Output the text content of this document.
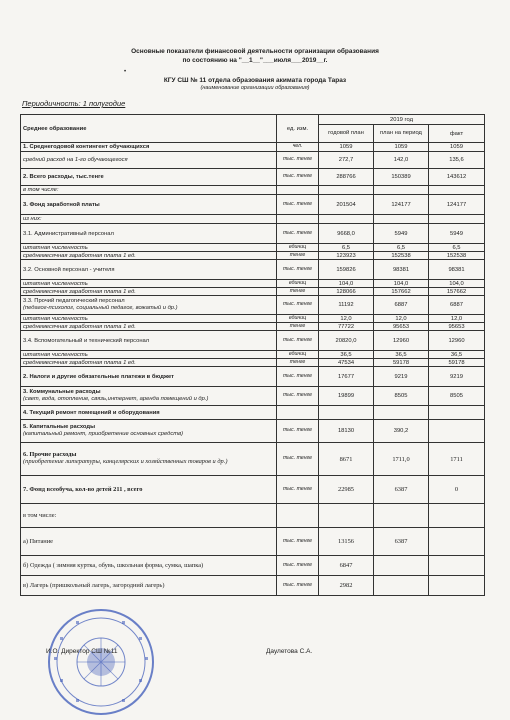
Основные показатели финансовой деятельности организации образования
по состоянию на "__1__"___июля___2019__г.
•
КГУ СШ № 11 отдела образования акимата города Тараз
(наименование организации образования)
Периодичность: 1 полугодие
Среднее образование	ед. изм.	2019 год		
		годовой план	план на период	факт
1. Среднегодовой контингент обучающихся	чел.	1059	1059	1059
средний расход на 1-го обучающегося	тыс. тенге	272,7	142,0	135,6
2. Всего расходы, тыс.тенге	тыс. тенге	288766	150389	143612
в том числе:				
3. Фонд заработной платы	тыс. тенге	201504	124177	124177
из них:				
3.1. Административный персонал	тыс. тенге	9668,0	5949	5949
штатная численность	единиц	6,5	6,5	6,5
среднемесячная заработная плата 1 ед.	тенге	123923	152538	152538
3.2. Основной персонал - учителя	тыс. тенге	159826	98381	98381
штатная численность	единиц	104,0	104,0	104,0
среднемесячная заработная плата 1 ед.	тенге	128066	157662	157662
3.3. Прочий педагогический персонал
(педагог-психолог, социальный педагог, вожатый и др.)	тыс. тенге	11192	6887	6887
штатная численность	единиц	12,0	12,0	12,0
среднемесячная заработная плата 1 ед.	тенге	77722	95653	95653
3.4. Вспомогательный и технический персонал	тыс. тенге	20820,0	12960	12960
штатная численность	единиц	36,5	36,5	36,5
среднемесячная заработная плата 1 ед.	тенге	47534	59178	59178
2. Налоги и другие обязательные платежи в бюджет	тыс. тенге	17677	9219	9219
3. Коммунальные расходы
(свет, вода, отопление, связь,интернет, аренда помещений и др.)	тыс. тенге	19899	8505	8505
4. Текущий ремонт помещений и оборудования				
5. Капитальные расходы
(капитальный ремонт, приобретение основных средств)	тыс. тенге	18130	390,2	
6. Прочие расходы
(приобретение литературы, канцелярских и хозяйственных товаров и др.)	тыс. тенге	8671	1711,0	1711
7. Фонд всеобуча, кол-во детей 211 , всего	тыс. тенге	22985	6387	0
в том числе:				
а) Питание	тыс. тенге	13156	6387	
б) Одежда ( зимняя куртка, обувь, школьная форма, сумка, шапка)	тыс. тенге	6847		
в) Лагерь (пришкольный лагерь, загородний лагерь)	тыс. тенге	2982		
И.О. Директор СШ №11	Даулетова С.А.
